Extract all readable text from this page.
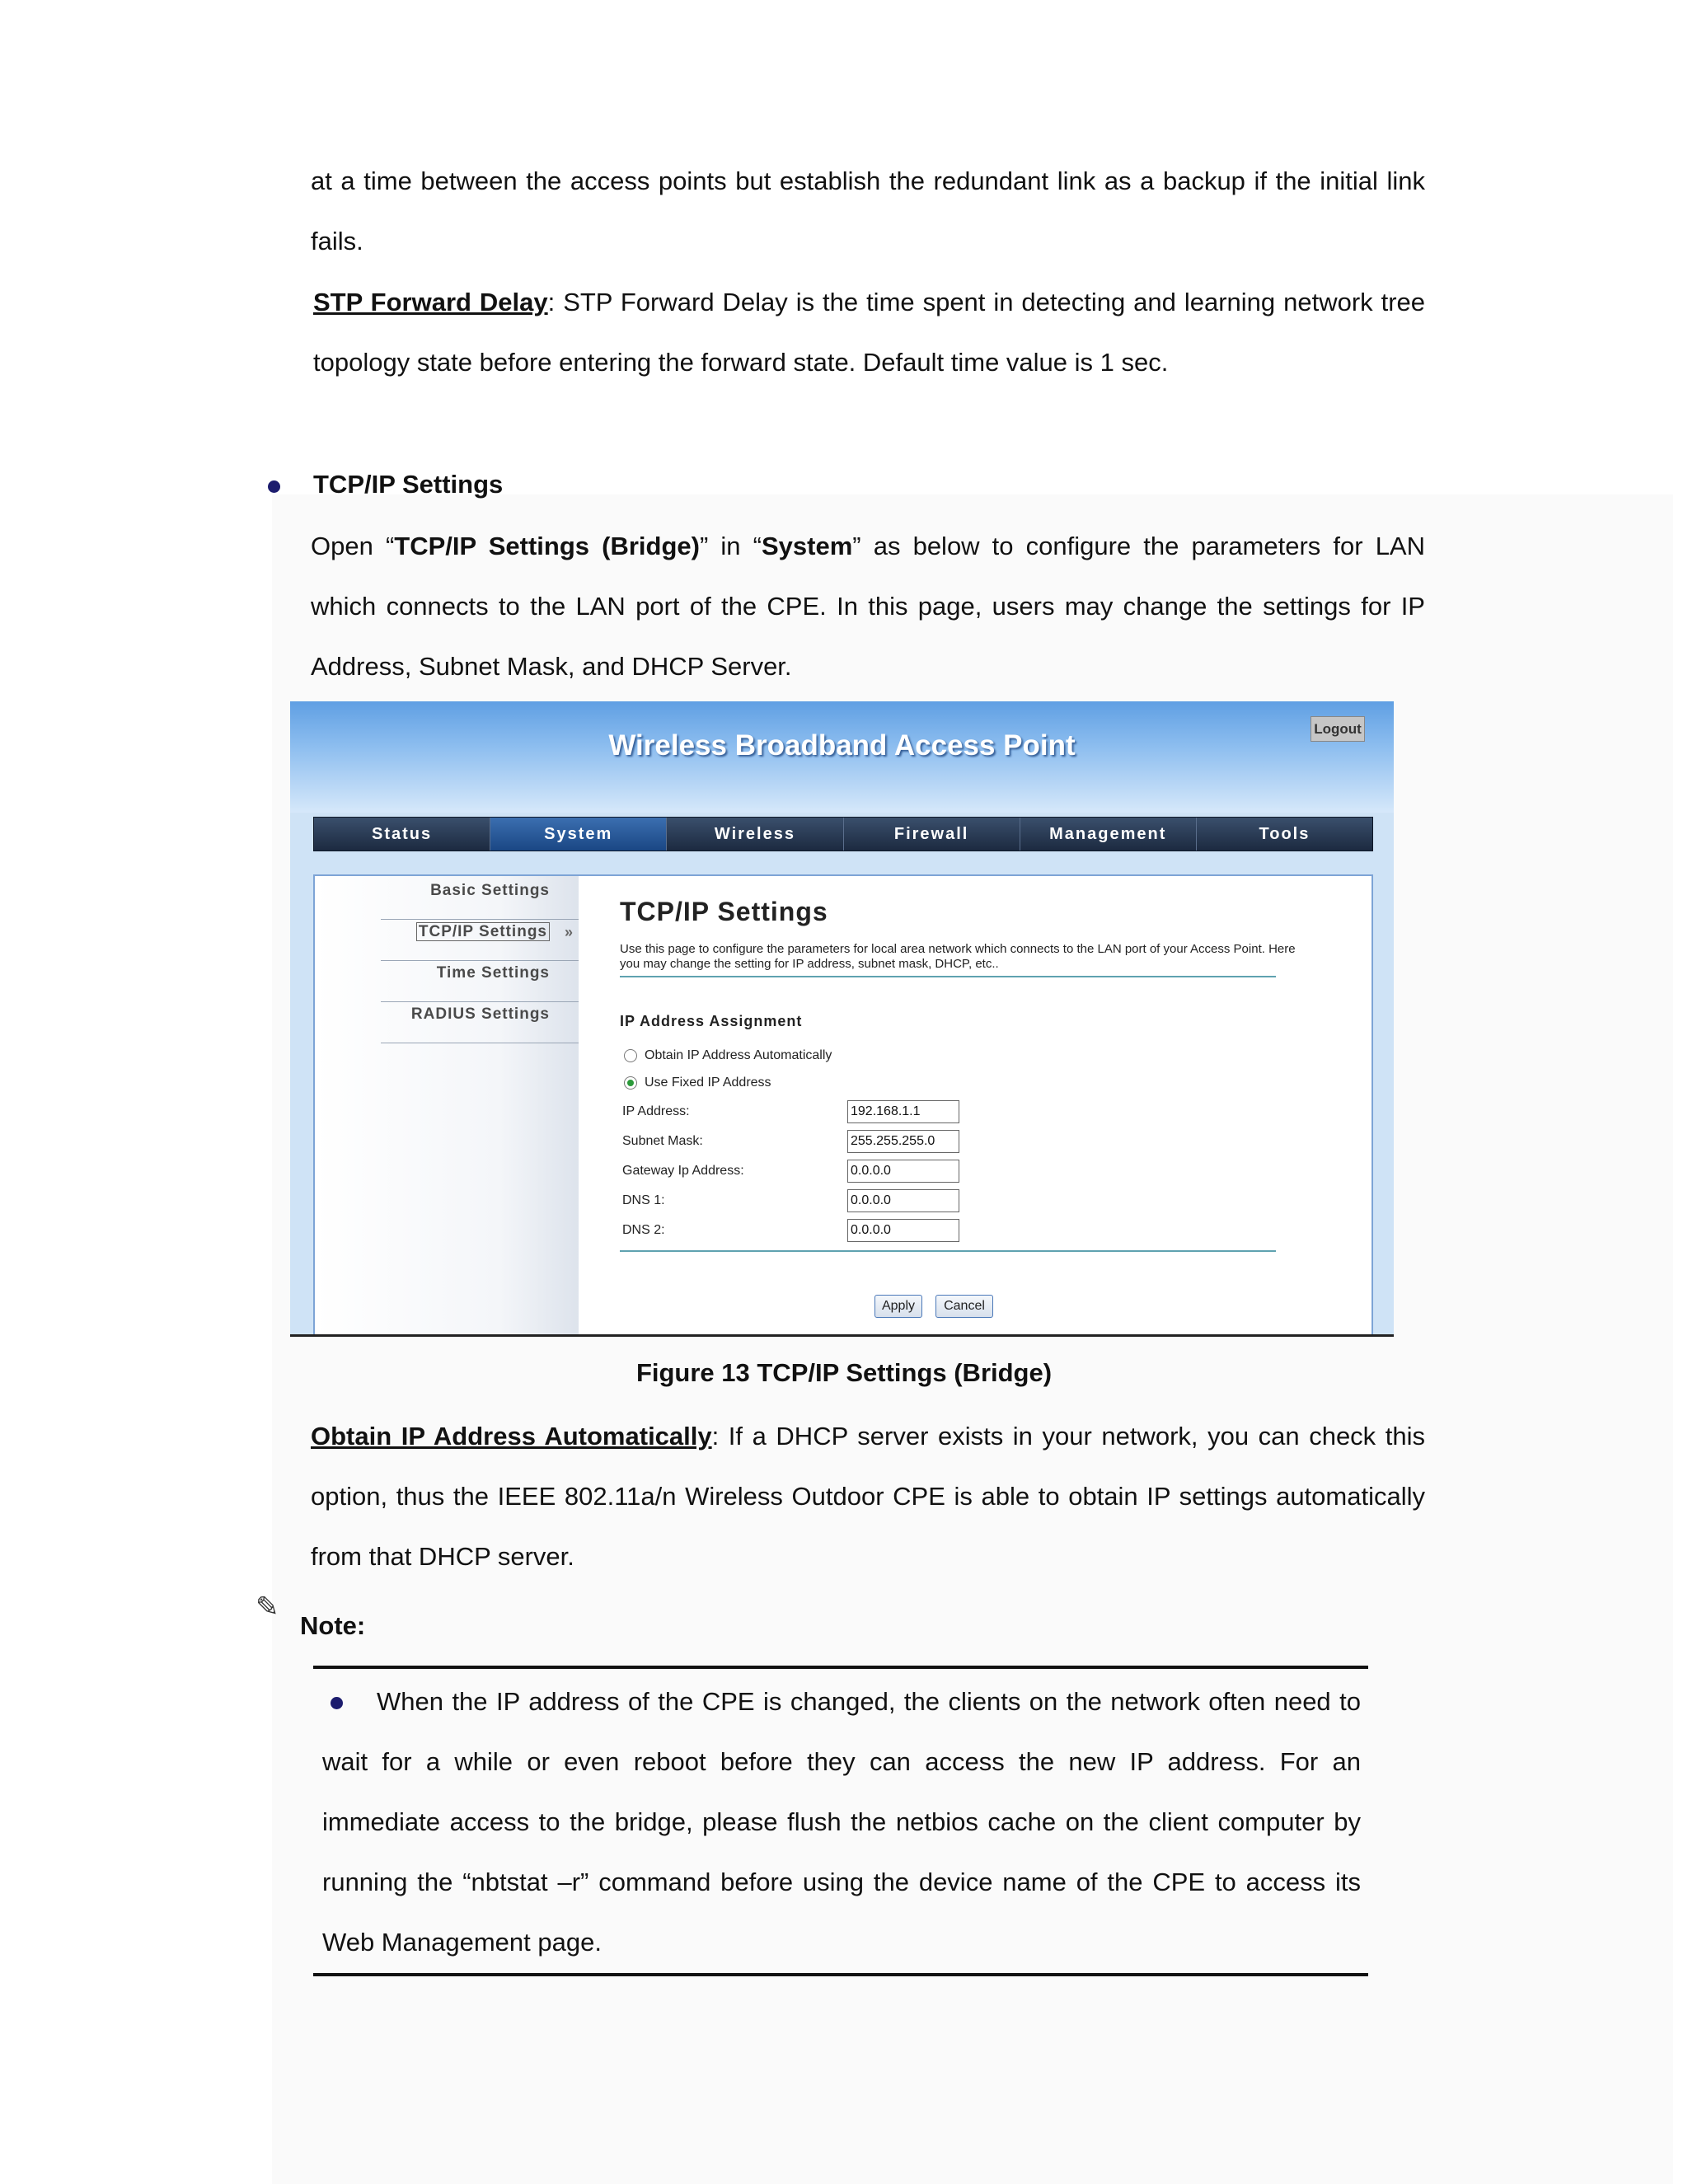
at a time between the access points but establish the redundant link as a backup if the initial link
fails.
STP Forward Delay: STP Forward Delay is the time spent in detecting and learning network tree
topology state before entering the forward state. Default time value is 1 sec.
TCP/IP Settings
Open “TCP/IP Settings (Bridge)” in “System” as below to configure the parameters for LAN
which connects to the LAN port of the CPE. In this page, users may change the settings for IP
Address, Subnet Mask, and DHCP Server.
Wireless Broadband Access Point
Logout
Status	System	Wireless	Firewall	Management	Tools
Basic Settings
TCP/IP Settings »
Time Settings
RADIUS Settings
TCP/IP Settings
Use this page to configure the parameters for local area network which connects to the LAN port of your Access Point. Here you may change the setting for IP address, subnet mask, DHCP, etc..
IP Address Assignment
Obtain IP Address Automatically
Use Fixed IP Address
IP Address:	192.168.1.1
Subnet Mask:	255.255.255.0
Gateway Ip Address:	0.0.0.0
DNS 1:	0.0.0.0
DNS 2:	0.0.0.0
Apply	Cancel
Figure 13 TCP/IP Settings (Bridge)
Obtain IP Address Automatically: If a DHCP server exists in your network, you can check this
option, thus the IEEE 802.11a/n Wireless Outdoor CPE is able to obtain IP settings automatically
from that DHCP server.
✎
Note:
When the IP address of the CPE is changed, the clients on the network often need to
wait for a while or even reboot before they can access the new IP address. For an
immediate access to the bridge, please flush the netbios cache on the client computer by
running the “nbtstat –r” command before using the device name of the CPE to access its
Web Management page.
